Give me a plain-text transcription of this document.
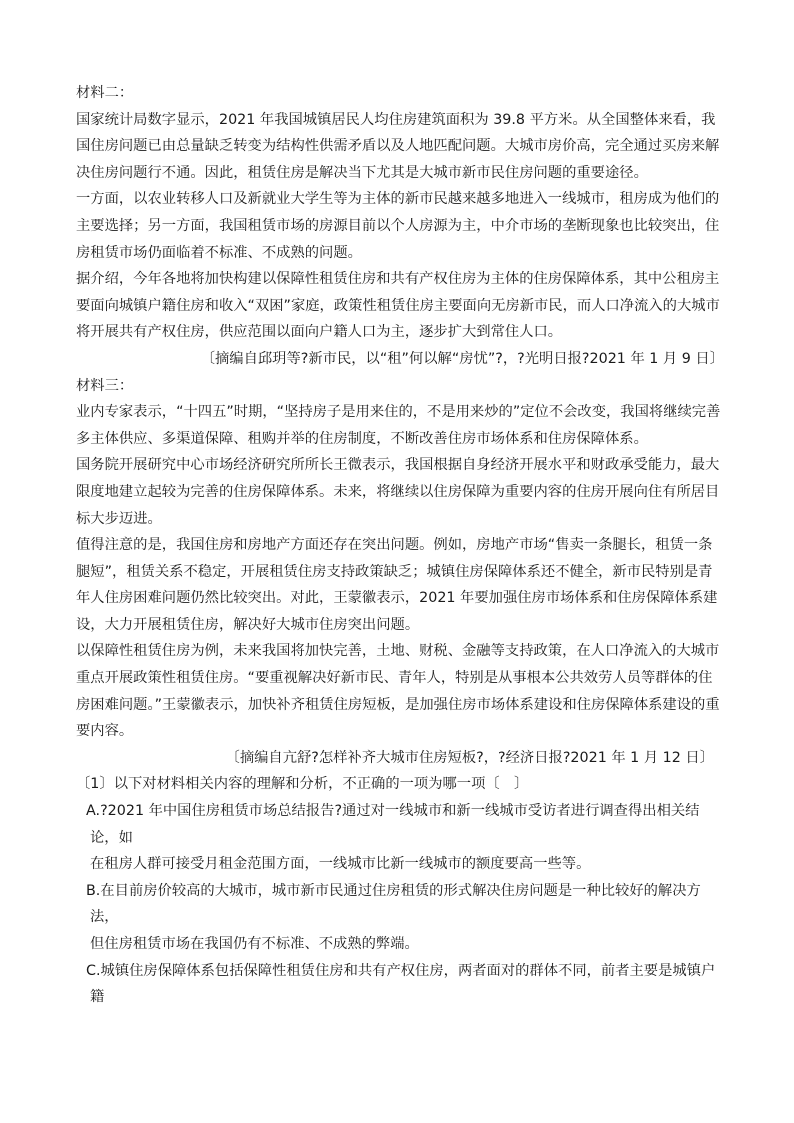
材料二：

国家统计局数字显示，2021 年我国城镇居民人均住房建筑面积为 39.8 平方米。从全国整体来看，我国住房问题已由总量缺乏转变为结构性供需矛盾以及人地匹配问题。大城市房价高，完全通过买房来解决住房问题行不通。因此，租赁住房是解决当下尤其是大城市新市民住房问题的重要途径。

一方面，以农业转移人口及新就业大学生等为主体的新市民越来越多地进入一线城市，租房成为他们的主要选择；另一方面，我国租赁市场的房源目前以个人房源为主，中介市场的垄断现象也比较突出，住房租赁市场仍面临着不标准、不成熟的问题。

据介绍，今年各地将加快构建以保障性租赁住房和共有产权住房为主体的住房保障体系，其中公租房主要面向城镇户籍住房和收入“双困”家庭，政策性租赁住房主要面向无房新市民，而人口净流入的大城市将开展共有产权住房，供应范围以面向户籍人口为主，逐步扩大到常住人口。

〔摘编自邱玥等?新市民，以“租”何以解“房忧”?，?光明日报?2021 年 1 月 9 日〕

材料三：

业内专家表示，“十四五”时期，“坚持房子是用来住的，不是用来炒的”定位不会改变，我国将继续完善多主体供应、多渠道保障、租购并举的住房制度，不断改善住房市场体系和住房保障体系。

国务院开展研究中心市场经济研究所所长王微表示，我国根据自身经济开展水平和财政承受能力，最大限度地建立起较为完善的住房保障体系。未来，将继续以住房保障为重要内容的住房开展向住有所居目标大步迈进。

值得注意的是，我国住房和房地产方面还存在突出问题。例如，房地产市场“售卖一条腿长，租赁一条腿短”，租赁关系不稳定，开展租赁住房支持政策缺乏；城镇住房保障体系还不健全，新市民特别是青年人住房困难问题仍然比较突出。对此，王蒙徽表示，2021 年要加强住房市场体系和住房保障体系建设，大力开展租赁住房，解决好大城市住房突出问题。

以保障性租赁住房为例，未来我国将加快完善，土地、财税、金融等支持政策，在人口净流入的大城市重点开展政策性租赁住房。“要重视解决好新市民、青年人，特别是从事根本公共效劳人员等群体的住房困难问题。”王蒙徽表示，加快补齐租赁住房短板，是加强住房市场体系建设和住房保障体系建设的重要内容。

〔摘编自亢舒?怎样补齐大城市住房短板?，?经济日报?2021 年 1 月 12 日〕

〔1〕以下对材料相关内容的理解和分析，不正确的一项为哪一项〔　〕

A.?2021 年中国住房租赁市场总结报告?通过对一线城市和新一线城市受访者进行调查得出相关结论，如
在租房人群可接受月租金范围方面，一线城市比新一线城市的额度要高一些等。
B.在目前房价较高的大城市，城市新市民通过住房租赁的形式解决住房问题是一种比较好的解决方法，
但住房租赁市场在我国仍有不标准、不成熟的弊端。
C.城镇住房保障体系包括保障性租赁住房和共有产权住房，两者面对的群体不同，前者主要是城镇户籍
